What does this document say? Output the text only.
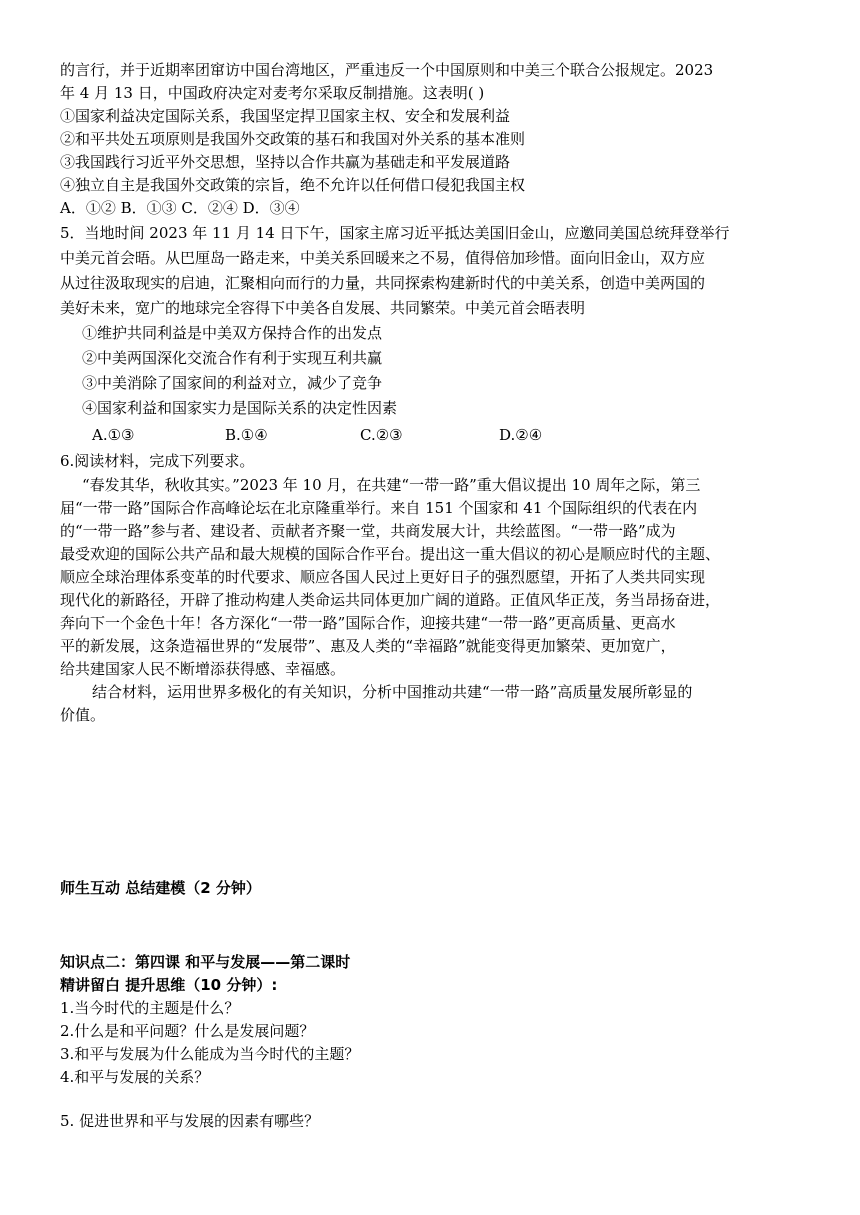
的言行，并于近期率团窜访中国台湾地区，严重违反一个中国原则和中美三个联合公报规定。2023
年 4 月 13 日，中国政府决定对麦考尔采取反制措施。这表明( )
①国家利益决定国际关系，我国坚定捍卫国家主权、安全和发展利益
②和平共处五项原则是我国外交政策的基石和我国对外关系的基本准则
③我国践行习近平外交思想，坚持以合作共赢为基础走和平发展道路
④独立自主是我国外交政策的宗旨，绝不允许以任何借口侵犯我国主权
A．①② B．①③ C．②④ D．③④
5．当地时间 2023 年 11 月 14 日下午，国家主席习近平抵达美国旧金山，应邀同美国总统拜登举行
中美元首会晤。从巴厘岛一路走来，中美关系回暖来之不易，值得倍加珍惜。面向旧金山，双方应
从过往汲取现实的启迪，汇聚相向而行的力量，共同探索构建新时代的中美关系，创造中美两国的
美好未来，宽广的地球完全容得下中美各自发展、共同繁荣。中美元首会晤表明
①维护共同利益是中美双方保持合作的出发点
②中美两国深化交流合作有利于实现互利共赢
③中美消除了国家间的利益对立，减少了竞争
④国家利益和国家实力是国际关系的决定性因素
A.①③	B.①④	C.②③	D.②④
6.阅读材料，完成下列要求。
“春发其华，秋收其实。”2023 年 10 月，在共建“一带一路”重大倡议提出 10 周年之际，第三
届“一带一路”国际合作高峰论坛在北京隆重举行。来自 151 个国家和 41 个国际组织的代表在内
的“一带一路”参与者、建设者、贡献者齐聚一堂，共商发展大计，共绘蓝图。“一带一路”成为
最受欢迎的国际公共产品和最大规模的国际合作平台。提出这一重大倡议的初心是顺应时代的主题、
顺应全球治理体系变革的时代要求、顺应各国人民过上更好日子的强烈愿望，开拓了人类共同实现
现代化的新路径，开辟了推动构建人类命运共同体更加广阔的道路。正值风华正茂，务当昂扬奋进，
奔向下一个金色十年！各方深化“一带一路”国际合作，迎接共建“一带一路”更高质量、更高水
平的新发展，这条造福世界的“发展带”、惠及人类的“幸福路”就能变得更加繁荣、更加宽广，
给共建国家人民不断增添获得感、幸福感。
结合材料，运用世界多极化的有关知识，分析中国推动共建“一带一路”高质量发展所彰显的
价值。
师生互动 总结建模（2 分钟）
知识点二：第四课 和平与发展——第二课时
精讲留白 提升思维（10 分钟）:
1.当今时代的主题是什么？
2.什么是和平问题？什么是发展问题？
3.和平与发展为什么能成为当今时代的主题？
4.和平与发展的关系？
5. 促进世界和平与发展的因素有哪些？
